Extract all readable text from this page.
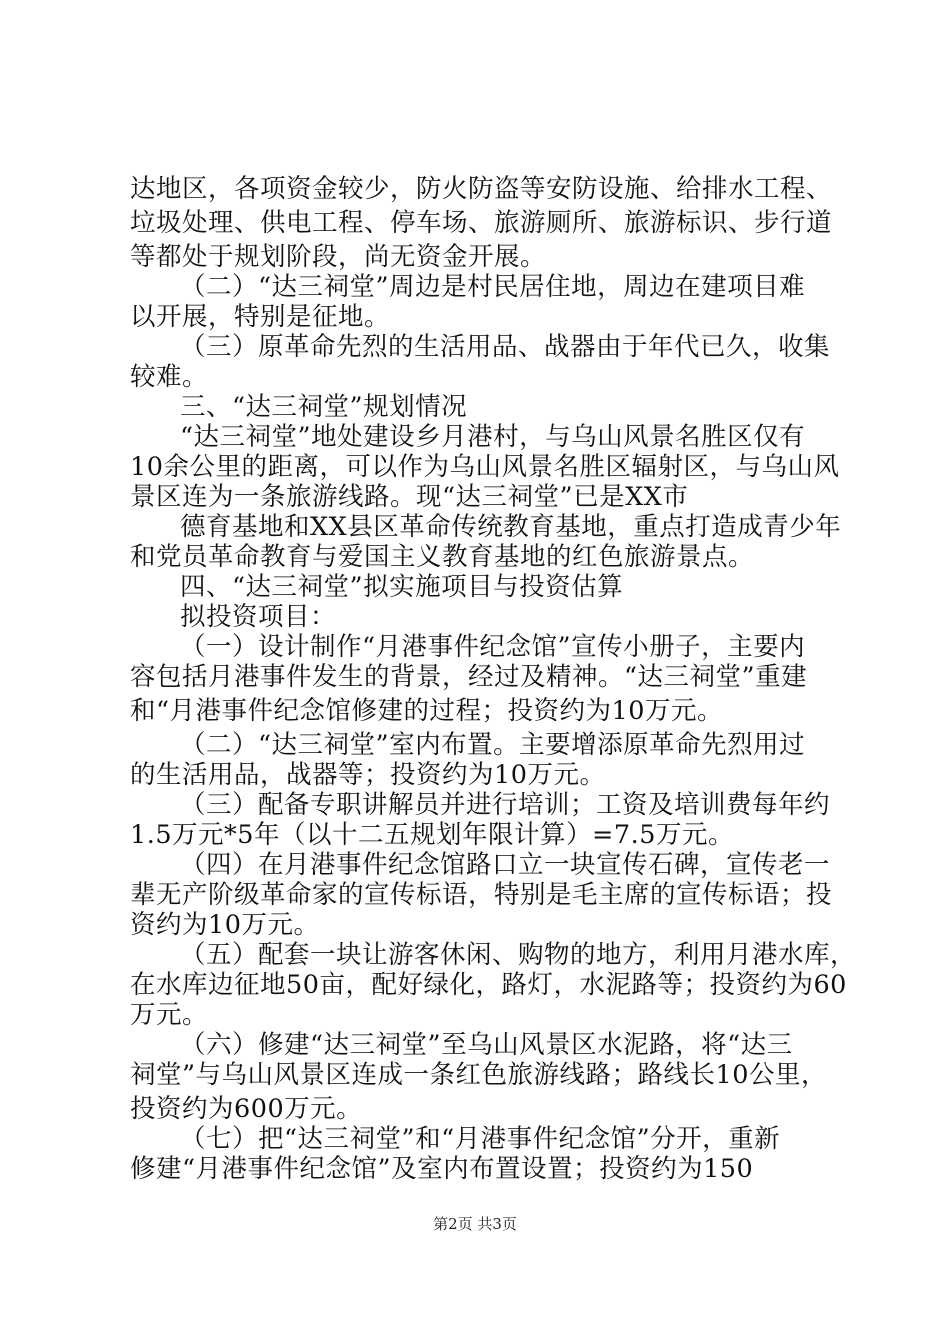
达地区，各项资金较少，防火防盗等安防设施、给排水工程、
垃圾处理、供电工程、停车场、旅游厕所、旅游标识、步行道
等都处于规划阶段，尚无资金开展。
（二）“达三祠堂”周边是村民居住地，周边在建项目难
以开展，特别是征地。
（三）原革命先烈的生活用品、战器由于年代已久，收集
较难。
三、“达三祠堂”规划情况
“达三祠堂”地处建设乡月港村，与乌山风景名胜区仅有
10余公里的距离，可以作为乌山风景名胜区辐射区，与乌山风
景区连为一条旅游线路。现“达三祠堂”已是XX市
德育基地和XX县区革命传统教育基地，重点打造成青少年
和党员革命教育与爱国主义教育基地的红色旅游景点。
四、“达三祠堂”拟实施项目与投资估算
拟投资项目：
（一）设计制作“月港事件纪念馆”宣传小册子，主要内
容包括月港事件发生的背景，经过及精神。“达三祠堂”重建
和“月港事件纪念馆修建的过程；投资约为10万元。
（二）“达三祠堂”室内布置。主要增添原革命先烈用过
的生活用品，战器等；投资约为10万元。
（三）配备专职讲解员并进行培训；工资及培训费每年约
1.5万元*5年（以十二五规划年限计算）=7.5万元。
（四）在月港事件纪念馆路口立一块宣传石碑，宣传老一
辈无产阶级革命家的宣传标语，特别是毛主席的宣传标语；投
资约为10万元。
（五）配套一块让游客休闲、购物的地方，利用月港水库，
在水库边征地50亩，配好绿化，路灯，水泥路等；投资约为60
万元。
（六）修建“达三祠堂”至乌山风景区水泥路，将“达三
祠堂”与乌山风景区连成一条红色旅游线路；路线长10公里，
投资约为600万元。
（七）把“达三祠堂”和“月港事件纪念馆”分开，重新
修建“月港事件纪念馆”及室内布置设置；投资约为150
第2页 共3页
